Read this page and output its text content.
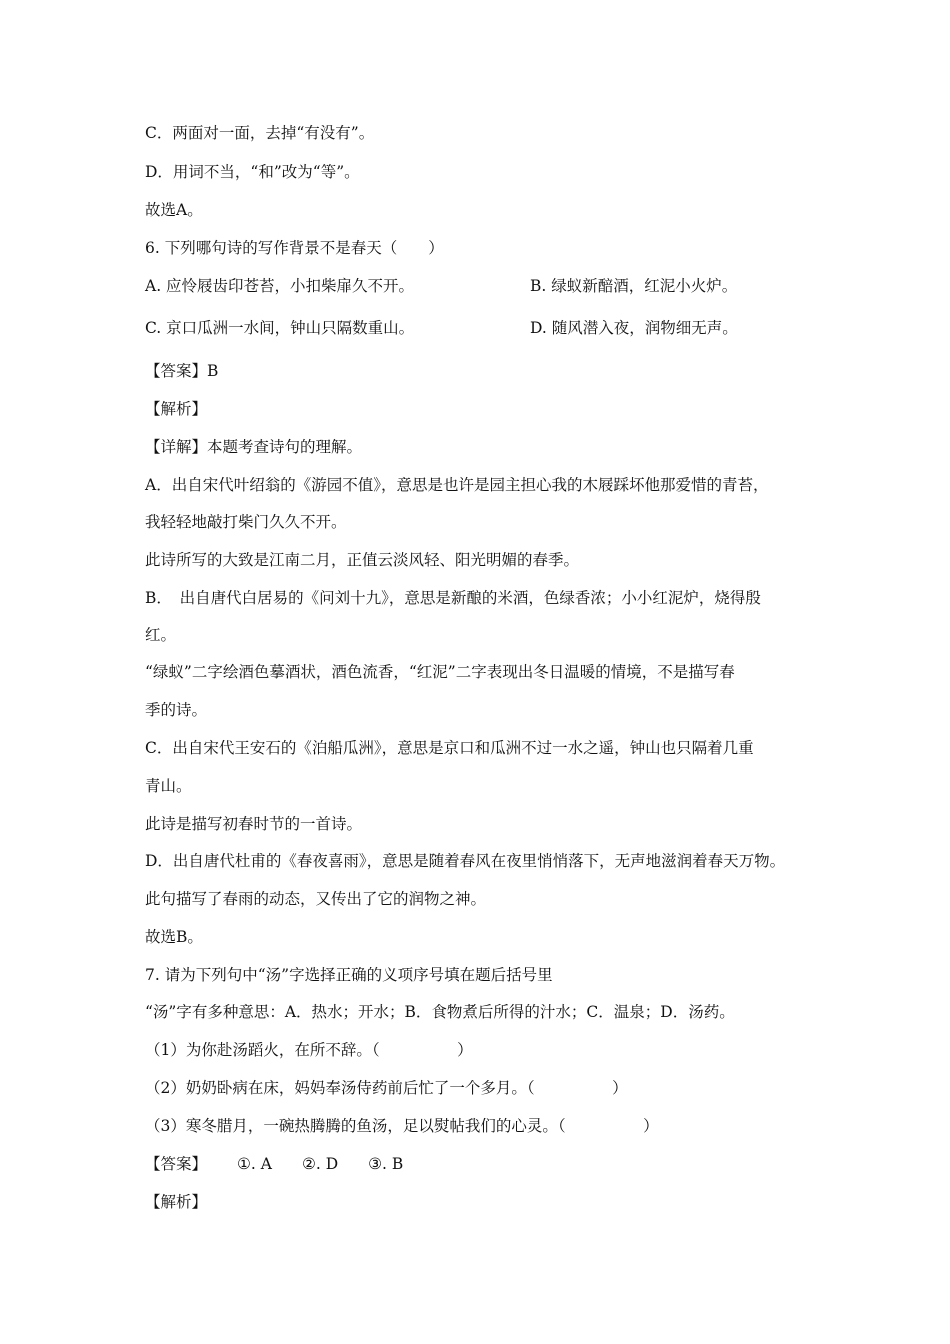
C．两面对一面，去掉“有没有”。
D．用词不当，“和”改为“等”。
故选A。
6. 下列哪句诗的写作背景不是春天（　　）
A. 应怜屐齿印苍苔，小扣柴扉久不开。	B. 绿蚁新醅酒，红泥小火炉。
C. 京口瓜洲一水间，钟山只隔数重山。	D. 随风潜入夜，润物细无声。
【答案】B
【解析】
【详解】本题考查诗句的理解。
A．出自宋代叶绍翁的《游园不值》，意思是也许是园主担心我的木屐踩坏他那爱惜的青苔，
我轻轻地敲打柴门久久不开。
此诗所写的大致是江南二月，正值云淡风轻、阳光明媚的春季。
B．　出自唐代白居易的《问刘十九》，意思是新酿的米酒，色绿香浓；小小红泥炉，烧得殷
红。
“绿蚁”二字绘酒色摹酒状，酒色流香，“红泥”二字表现出冬日温暖的情境，不是描写春
季的诗。
C．出自宋代王安石的《泊船瓜洲》，意思是京口和瓜洲不过一水之遥，钟山也只隔着几重
青山。
此诗是描写初春时节的一首诗。
D．出自唐代杜甫的《春夜喜雨》，意思是随着春风在夜里悄悄落下，无声地滋润着春天万物。
此句描写了春雨的动态，又传出了它的润物之神。
故选B。
7. 请为下列句中“汤”字选择正确的义项序号填在题后括号里
“汤”字有多种意思：A．热水；开水；B．食物煮后所得的汁水；C．温泉；D．汤药。
（1）为你赴汤蹈火，在所不辞。（　　　　　）
（2）奶奶卧病在床，妈妈奉汤侍药前后忙了一个多月。（　　　　　）
（3）寒冬腊月，一碗热腾腾的鱼汤，足以熨帖我们的心灵。（　　　　　）
【答案】 ①. A ②. D ③. B
【解析】
